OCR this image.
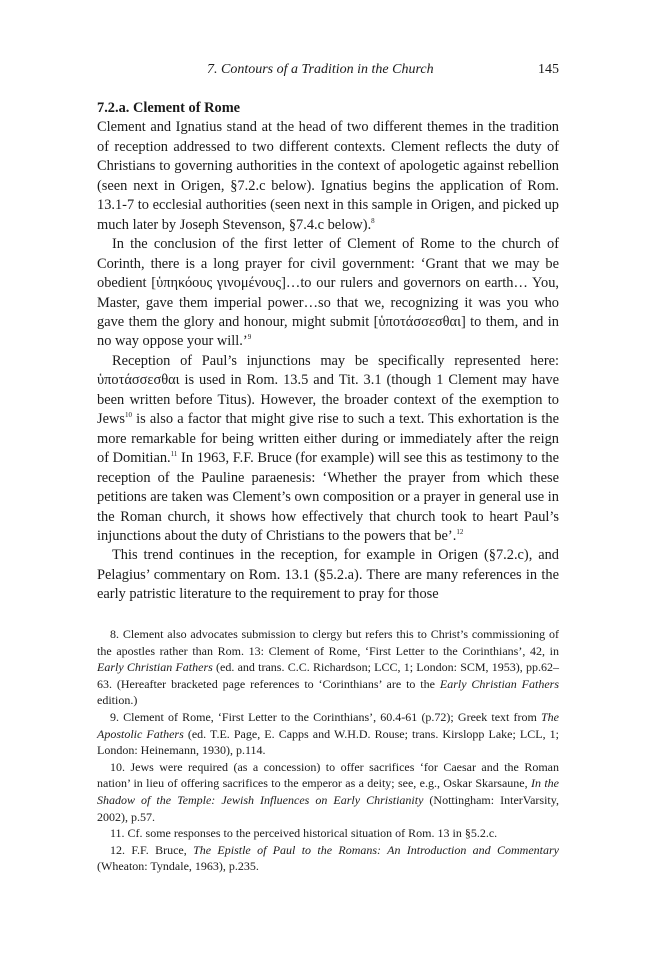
7. Contours of a Tradition in the Church	145
7.2.a. Clement of Rome

Clement and Ignatius stand at the head of two different themes in the tradition of reception addressed to two different contexts. Clement reflects the duty of Christians to governing authorities in the context of apologetic against rebellion (seen next in Origen, §7.2.c below). Ignatius begins the application of Rom. 13.1-7 to ecclesial authorities (seen next in this sample in Origen, and picked up much later by Joseph Stevenson, §7.4.c below).$^8$

In the conclusion of the first letter of Clement of Rome to the church of Corinth, there is a long prayer for civil government: ‘Grant that we may be obedient [ὑπηκόους γινομένους]…to our rulers and governors on earth… You, Master, gave them imperial power…so that we, recognizing it was you who gave them the glory and honour, might submit [ὑποτάσσεσθαι] to them, and in no way oppose your will.’$^9$

Reception of Paul’s injunctions may be specifically represented here: ὑποτάσσεσθαι is used in Rom. 13.5 and Tit. 3.1 (though 1 Clement may have been written before Titus). However, the broader context of the exemption to Jews$^{10}$ is also a factor that might give rise to such a text. This exhortation is the more remarkable for being written either during or immediately after the reign of Domitian.$^{11}$ In 1963, F.F. Bruce (for example) will see this as testimony to the reception of the Pauline paraenesis: ‘Whether the prayer from which these petitions are taken was Clement’s own composition or a prayer in general use in the Roman church, it shows how effectively that church took to heart Paul’s injunctions about the duty of Christians to the powers that be’.$^{12}$

This trend continues in the reception, for example in Origen (§7.2.c), and Pelagius’ commentary on Rom. 13.1 (§5.2.a). There are many references in the early patristic literature to the requirement to pray for those

8. Clement also advocates submission to clergy but refers this to Christ’s commissioning of the apostles rather than Rom. 13: Clement of Rome, ‘First Letter to the Corinthians’, 42, in Early Christian Fathers (ed. and trans. C.C. Richardson; LCC, 1; London: SCM, 1953), pp.62–63. (Hereafter bracketed page references to ‘Corinthians’ are to the Early Christian Fathers edition.)

9. Clement of Rome, ‘First Letter to the Corinthians’, 60.4-61 (p.72); Greek text from The Apostolic Fathers (ed. T.E. Page, E. Capps and W.H.D. Rouse; trans. Kirslopp Lake; LCL, 1; London: Heinemann, 1930), p.114.

10. Jews were required (as a concession) to offer sacrifices ‘for Caesar and the Roman nation’ in lieu of offering sacrifices to the emperor as a deity; see, e.g., Oskar Skarsaune, In the Shadow of the Temple: Jewish Influences on Early Christianity (Nottingham: InterVarsity, 2002), p.57.

11. Cf. some responses to the perceived historical situation of Rom. 13 in §5.2.c.

12. F.F. Bruce, The Epistle of Paul to the Romans: An Introduction and Commentary (Wheaton: Tyndale, 1963), p.235.
